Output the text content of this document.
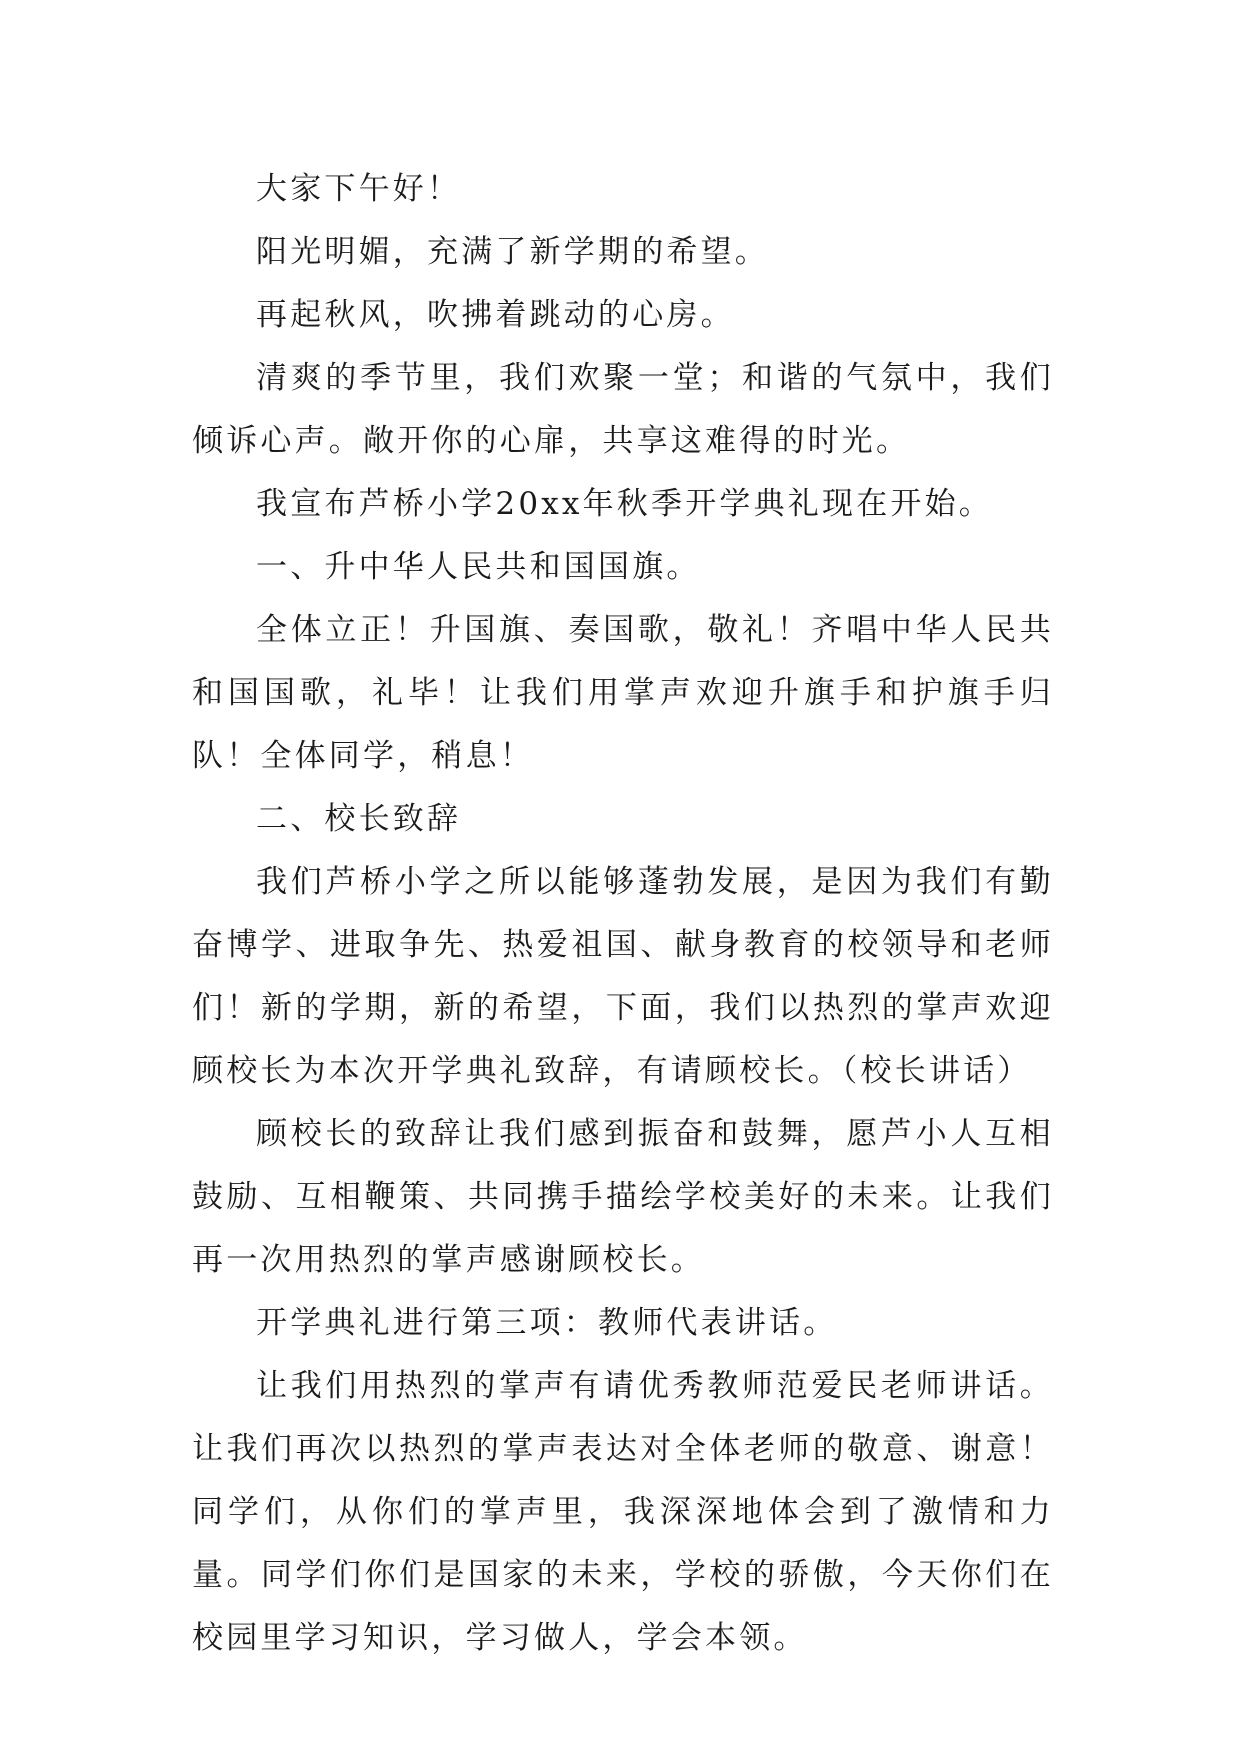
大家下午好！

阳光明媚，充满了新学期的希望。

再起秋风，吹拂着跳动的心房。

清爽的季节里，我们欢聚一堂；和谐的气氛中，我们倾诉心声。敞开你的心扉，共享这难得的时光。

我宣布芦桥小学20xx年秋季开学典礼现在开始。

一、升中华人民共和国国旗。

全体立正！升国旗、奏国歌，敬礼！齐唱中华人民共和国国歌，礼毕！让我们用掌声欢迎升旗手和护旗手归队！全体同学，稍息！

二、校长致辞

我们芦桥小学之所以能够蓬勃发展，是因为我们有勤奋博学、进取争先、热爱祖国、献身教育的校领导和老师们！新的学期，新的希望，下面，我们以热烈的掌声欢迎顾校长为本次开学典礼致辞，有请顾校长。（校长讲话）

顾校长的致辞让我们感到振奋和鼓舞，愿芦小人互相鼓励、互相鞭策、共同携手描绘学校美好的未来。让我们再一次用热烈的掌声感谢顾校长。

开学典礼进行第三项：教师代表讲话。

让我们用热烈的掌声有请优秀教师范爱民老师讲话。让我们再次以热烈的掌声表达对全体老师的敬意、谢意！同学们，从你们的掌声里，我深深地体会到了激情和力量。同学们你们是国家的未来，学校的骄傲，今天你们在校园里学习知识，学习做人，学会本领。
